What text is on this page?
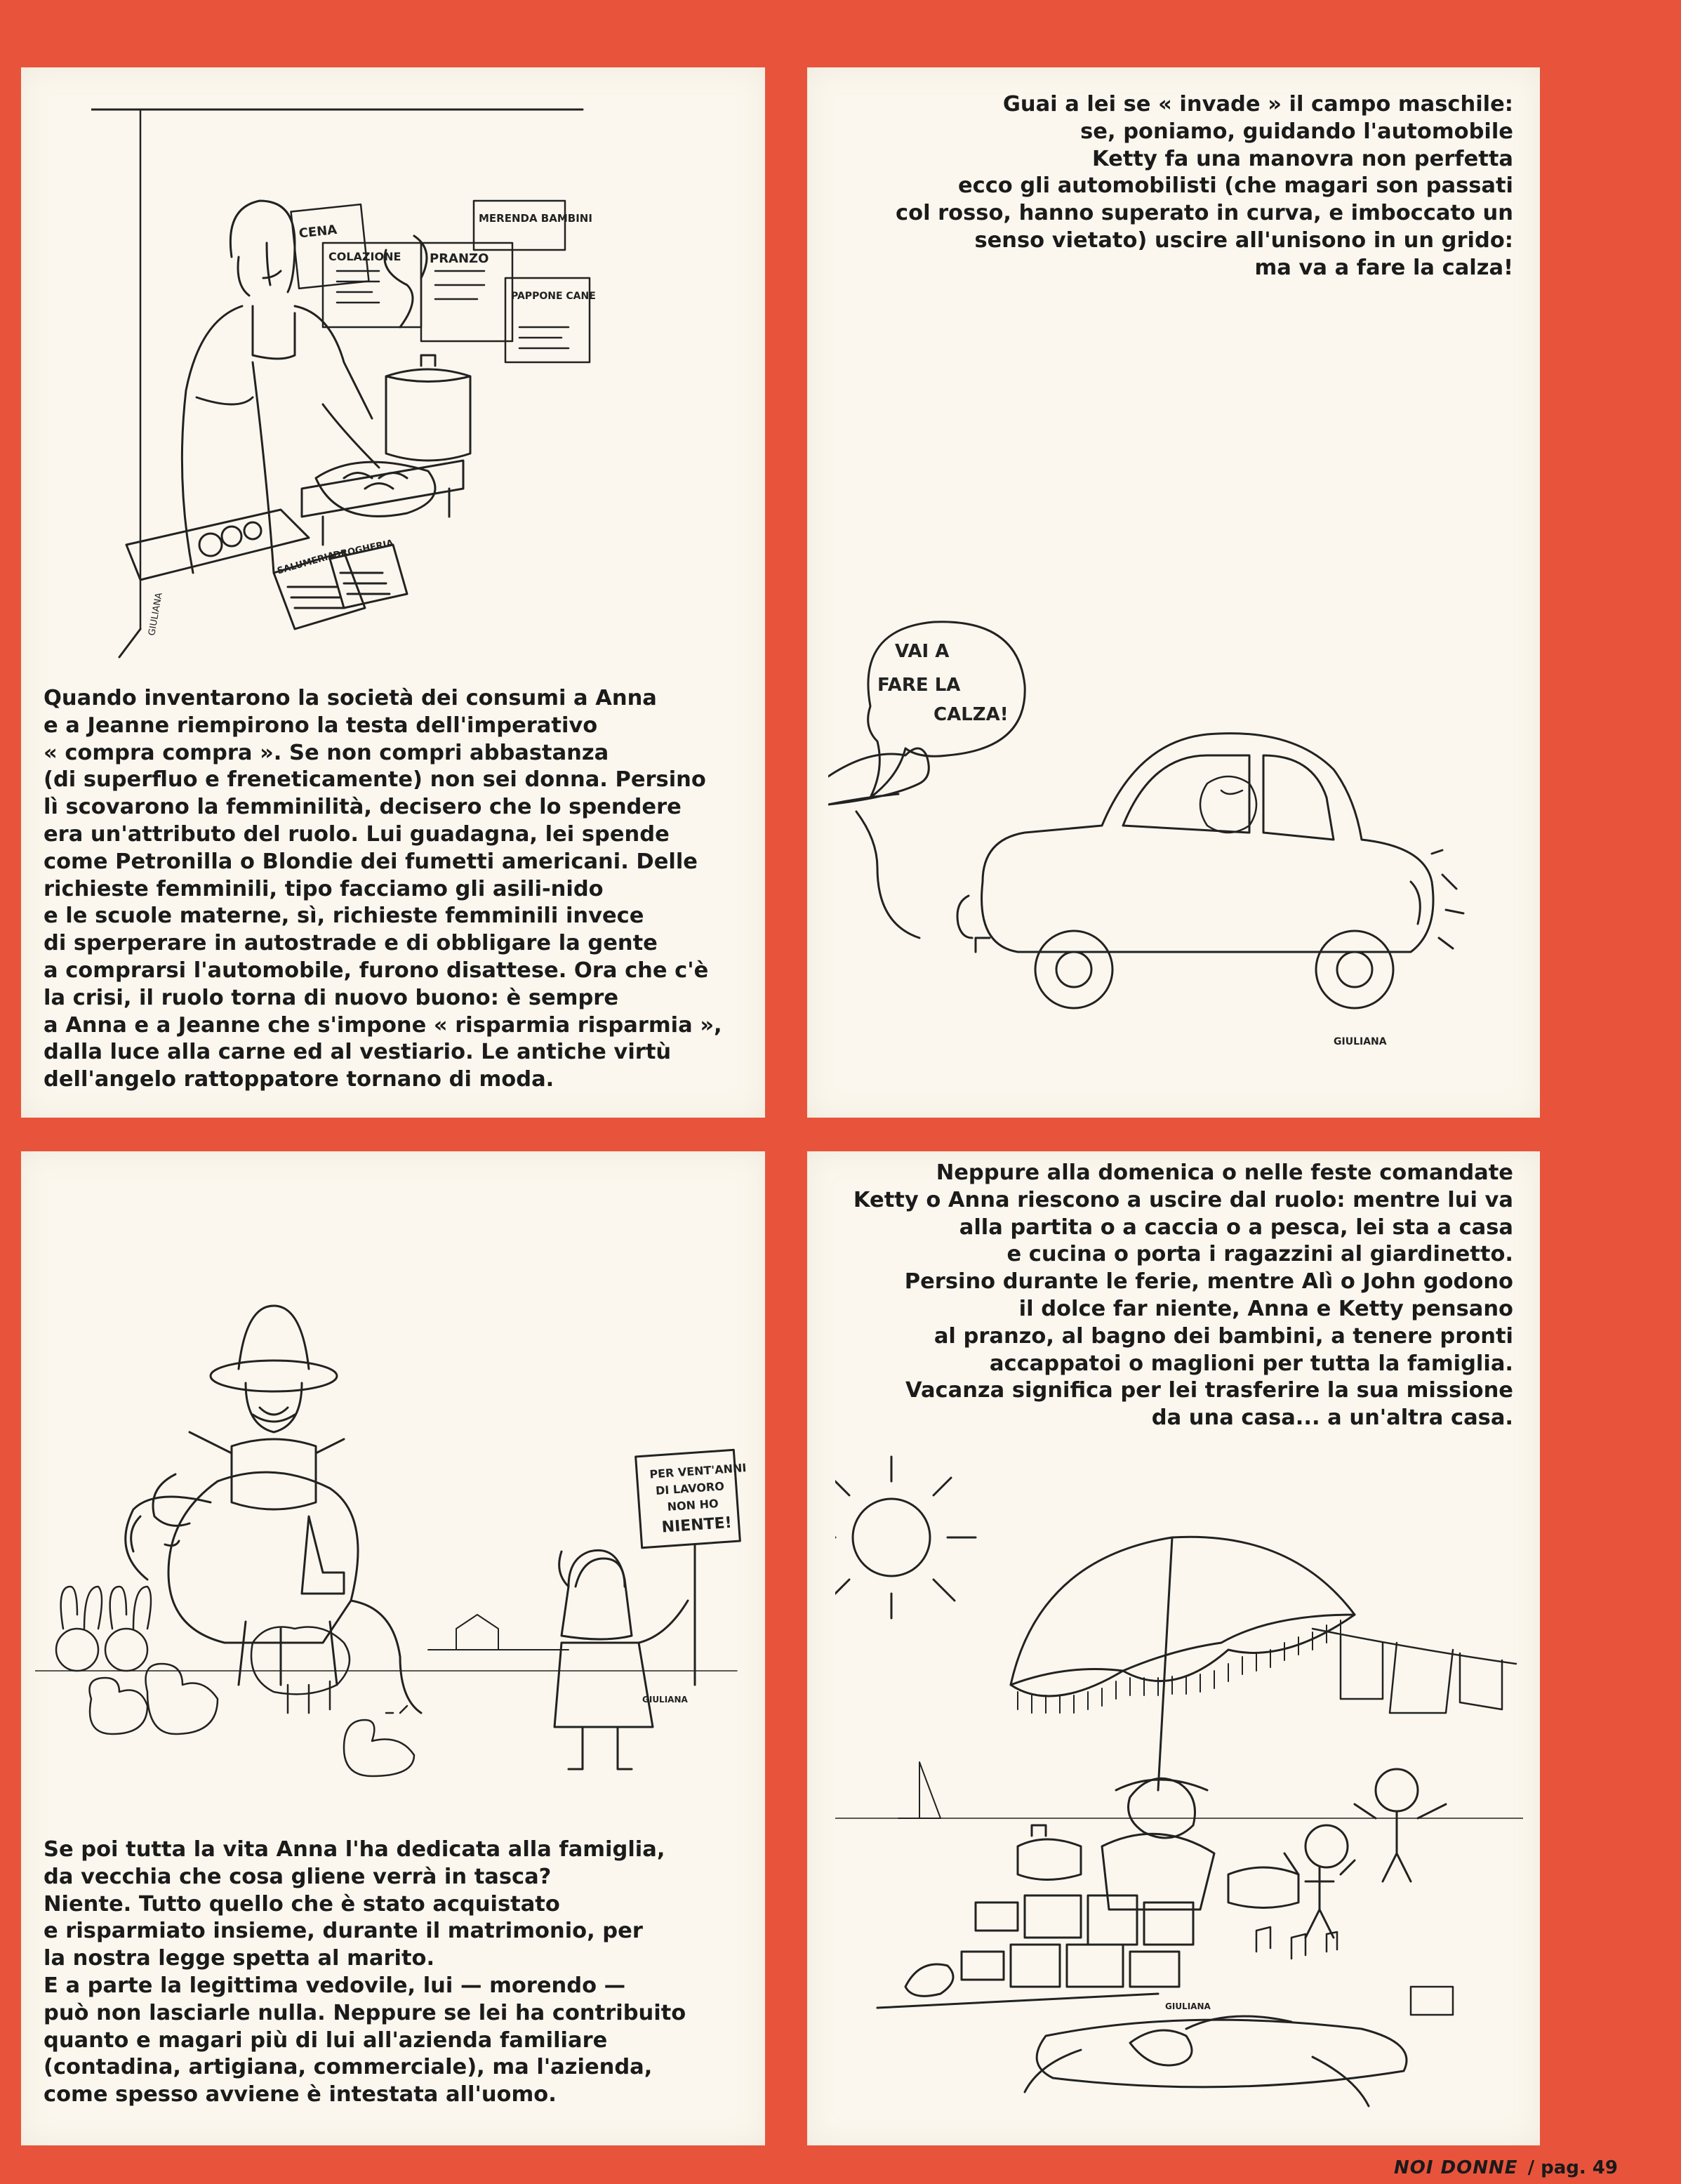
CENA
COLAZIONE PRANZO
MERENDA BAMBINI
PAPPONE CANE
SALUMERIA
DROGHERIA
GIULIANA

Quando inventarono la società dei consumi a Anna
e a Jeanne riempirono la testa dell'imperativo
« compra compra ». Se non compri abbastanza
(di superfluo e freneticamente) non sei donna. Persino
lì scovarono la femminilità, decisero che lo spendere
era un'attributo del ruolo. Lui guadagna, lei spende
come Petronilla o Blondie dei fumetti americani. Delle
richieste femminili, tipo facciamo gli asili-nido
e le scuole materne, sì, richieste femminili invece
di sperperare in autostrade e di obbligare la gente
a comprarsi l'automobile, furono disattese. Ora che c'è
la crisi, il ruolo torna di nuovo buono: è sempre
a Anna e a Jeanne che s'impone « risparmia risparmia »,
dalla luce alla carne ed al vestiario. Le antiche virtù
dell'angelo rattoppatore tornano di moda.

Guai a lei se « invade » il campo maschile:
se, poniamo, guidando l'automobile
Ketty fa una manovra non perfetta
ecco gli automobilisti (che magari son passati
col rosso, hanno superato in curva, e imboccato un
senso vietato) uscire all'unisono in un grido:
ma va a fare la calza!

VAI A
FARE LA
CALZA!
GIULIANA
PER VENT'ANNI
DI LAVORO
NON HO
NIENTE!
GIULIANA

Se poi tutta la vita Anna l'ha dedicata alla famiglia,
da vecchia che cosa gliene verrà in tasca?
Niente. Tutto quello che è stato acquistato
e risparmiato insieme, durante il matrimonio, per
la nostra legge spetta al marito.
E a parte la legittima vedovile, lui — morendo —
può non lasciarle nulla. Neppure se lei ha contribuito
quanto e magari più di lui all'azienda familiare
(contadina, artigiana, commerciale), ma l'azienda,
come spesso avviene è intestata all'uomo.

Neppure alla domenica o nelle feste comandate
Ketty o Anna riescono a uscire dal ruolo: mentre lui va
alla partita o a caccia o a pesca, lei sta a casa
e cucina o porta i ragazzini al giardinetto.
Persino durante le ferie, mentre Alì o John godono
il dolce far niente, Anna e Ketty pensano
al pranzo, al bagno dei bambini, a tenere pronti
accappatoi o maglioni per tutta la famiglia.
Vacanza significa per lei trasferire la sua missione
da una casa... a un'altra casa.

GIULIANA
NOI DONNE / pag. 49
